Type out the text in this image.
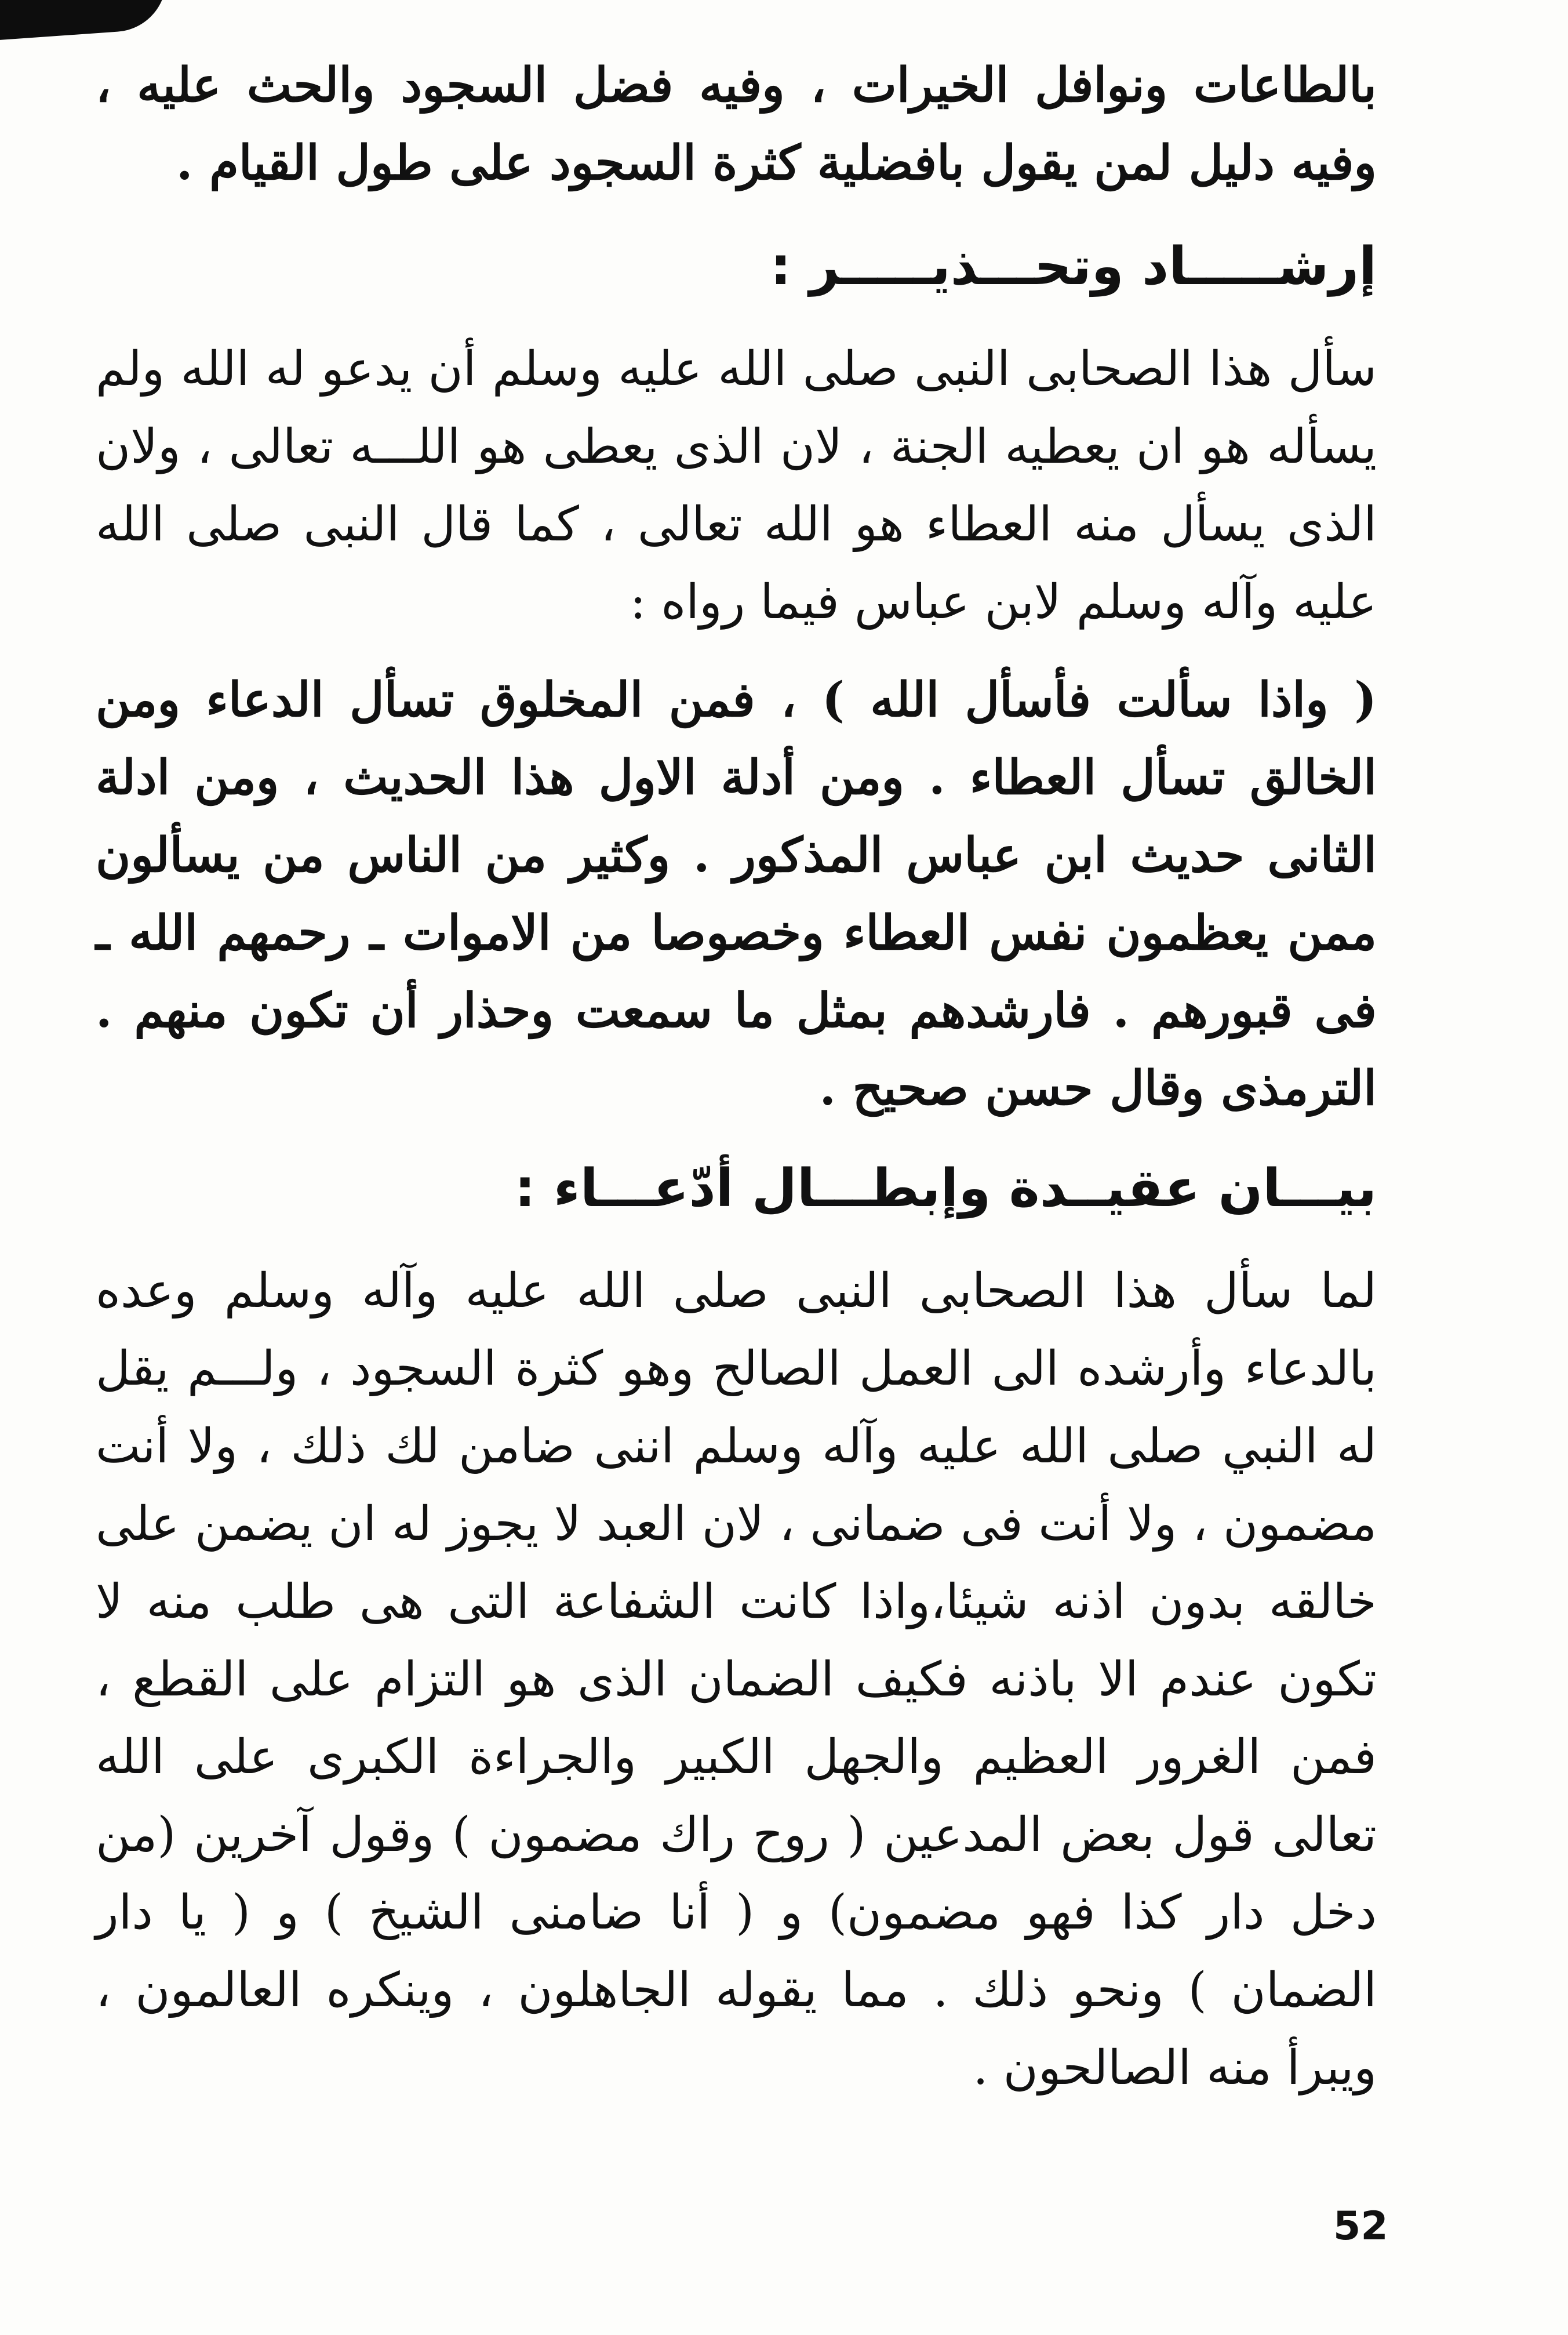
بالطاعات ونوافل الخيرات ، وفيه فضل السجود والحث عليه ، وفيه دليل لمن يقول بافضلية كثرة السجود على طول القيام .

إرشـــــاد وتحـــذيـــــر :

سأل هذا الصحابى النبى صلى الله عليه وسلم أن يدعو له الله ولم يسأله هو ان يعطيه الجنة ، لان الذى يعطى هو اللـــه تعالى ، ولان الذى يسأل منه العطاء هو الله تعالى ، كما قال النبى صلى الله عليه وآله وسلم لابن عباس فيما رواه :

( واذا سألت فأسأل الله ) ، فمن المخلوق تسأل الدعاء ومن الخالق تسأل العطاء . ومن أدلة الاول هذا الحديث ، ومن ادلة الثانى حديث ابن عباس المذكور . وكثير من الناس من يسألون ممن يعظمون نفس العطاء وخصوصا من الاموات ـ رحمهم الله ـ فى قبورهم . فارشدهم بمثل ما سمعت وحذار أن تكون منهم . الترمذى وقال حسن صحيح .

بيـــان عقيــدة وإبطـــال أدّعـــاء :

لما سأل هذا الصحابى النبى صلى الله عليه وآله وسلم وعده بالدعاء وأرشده الى العمل الصالح وهو كثرة السجود ، ولـــم يقل له النبي صلى الله عليه وآله وسلم اننى ضامن لك ذلك ، ولا أنت مضمون ، ولا أنت فى ضمانى ، لان العبد لا يجوز له ان يضمن على خالقه بدون اذنه شيئا،واذا كانت الشفاعة التى هى طلب منه لا تكون عندم الا باذنه فكيف الضمان الذى هو التزام على القطع ، فمن الغرور العظيم والجهل الكبير والجراءة الكبرى على الله تعالى قول بعض المدعين ( روح راك مضمون ) وقول آخرين (من دخل دار كذا فهو مضمون) و ( أنا ضامنى الشيخ ) و ( يا دار الضمان ) ونحو ذلك . مما يقوله الجاهلون ، وينكره العالمون ، ويبرأ منه الصالحون .

52
